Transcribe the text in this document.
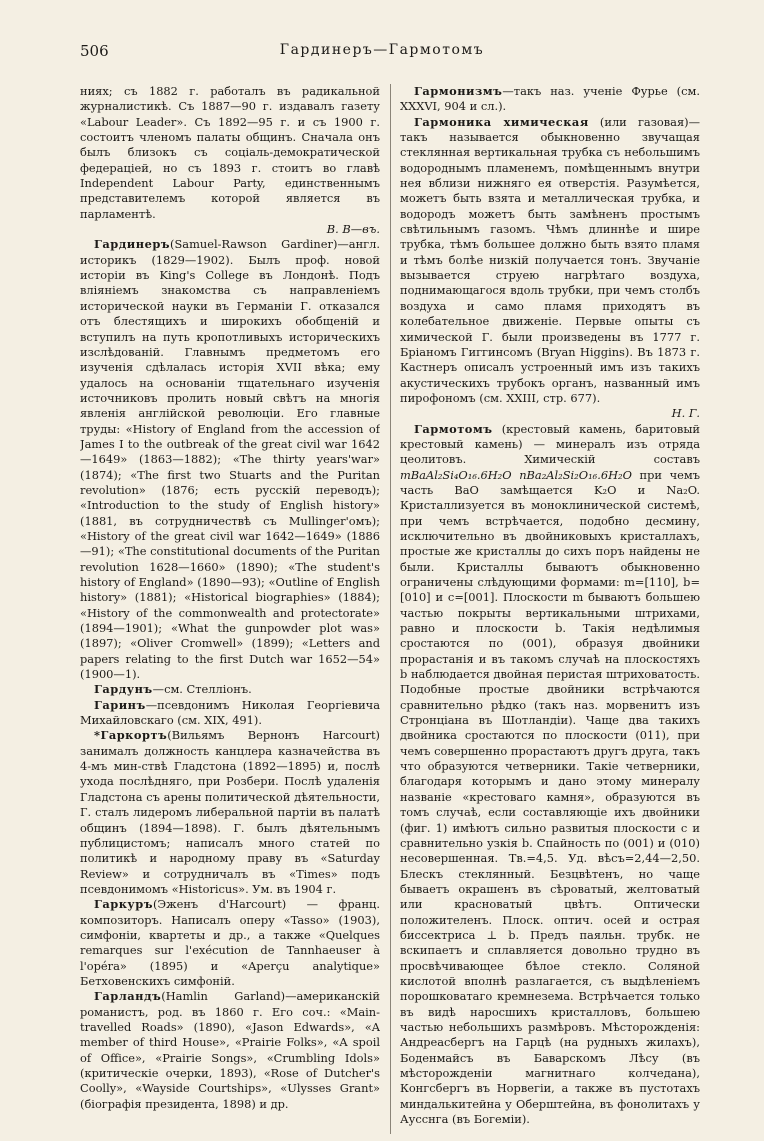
506	Гардинеръ—Гармотомъ

ниях; съ 1882 г. работалъ въ радикальной журналистикѣ. Съ 1887—90 г. издавалъ газету «Labour Leader». Съ 1892—95 г. и съ 1900 г. состоитъ членомъ палаты общинъ. Сначала онъ былъ близокъ съ соціаль-демократической федераціей, но съ 1893 г. стоитъ во главѣ Independent Labour Party, единственнымъ представителемъ которой является въ парламентѣ.

В. В—въ.

Гардинеръ(Samuel-Rawson Gardiner)—англ. историкъ (1829—1902). Былъ проф. новой исторіи въ King's College въ Лондонѣ. Подъ вліяніемъ знакомства съ направленіемъ исторической науки въ Германіи Г. отказался отъ блестящихъ и широкихъ обобщеній и вступилъ на путь кропотливыхъ историческихъ изслѣдованій. Главнымъ предметомъ его изученія сдѣлалась исторія XVII вѣка; ему удалось на основаніи тщательнаго изученія источниковъ пролить новый свѣтъ на многія явленія англійской революціи. Его главные труды: «History of England from the accession of James I to the outbreak of the great civil war 1642—1649» (1863—1882); «The thirty years'war» (1874); «The first two Stuarts and the Puritan revolution» (1876; есть русскій переводъ); «Introduction to the study of English history» (1881, въ сотрудничествѣ съ Mullinger'омъ); «History of the great civil war 1642—1649» (1886—91); «The constitutional documents of the Puritan revolution 1628—1660» (1890); «The student's history of England» (1890—93); «Outline of English history» (1881); «Historical biographies» (1884); «History of the commonwealth and protectorate» (1894—1901); «What the gunpowder plot was» (1897); «Oliver Cromwell» (1899); «Letters and papers relating to the first Dutch war 1652—54» (1900—1).

Гардунъ—см. Стелліонъ.

Гаринъ—псевдонимъ Николая Георгіевича Михайловскаго (см. XIX, 491).

*Гаркортъ(Вильямъ Вернонъ Harcourt) занималъ должность канцлера казначейства въ 4-мъ мин-ствѣ Гладстона (1892—1895) и, послѣ ухода послѣдняго, при Розбери. Послѣ удаленія Гладстона съ арены политической дѣятельности, Г. сталъ лидеромъ либеральной партіи въ палатѣ общинъ (1894—1898). Г. былъ дѣятельнымъ публицистомъ; написалъ много статей по политикѣ и народному праву въ «Saturday Review» и сотрудничалъ въ «Times» подъ псевдонимомъ «Historicus». Ум. въ 1904 г.

Гаркуръ(Эженъ d'Harcourt) — франц. композиторъ. Написалъ оперу «Tasso» (1903), симфоніи, квартеты и др., а также «Quelques remarques sur l'exécution de Tannhaeuser à l'opéra» (1895) и «Aperçu analytique» Бетховенскихъ симфоній.

Гарландъ(Hamlin Garland)—американскій романистъ, род. въ 1860 г. Его соч.: «Main-travelled Roads» (1890), «Jason Edwards», «A member of third House», «Prairie Folks», «A spoil of Office», «Prairie Songs», «Crumbling Idols» (критическіе очерки, 1893), «Rose of Dutcher's Coolly», «Wayside Courtships», «Ulysses Grant» (біографія президента, 1898) и др.

Гармонизмъ—такъ наз. ученіе Фурье (см. XXXVI, 904 и сл.).

Гармоника химическая (или газовая)—такъ называется обыкновенно звучащая стеклянная вертикальная трубка съ небольшимъ водороднымъ пламенемъ, помѣщеннымъ внутри нея вблизи нижняго ея отверстія. Разумѣется, можетъ быть взята и металлическая трубка, и водородъ можетъ быть замѣненъ простымъ свѣтильнымъ газомъ. Чѣмъ длиннѣе и шире трубка, тѣмъ большее должно быть взято пламя и тѣмъ болѣе низкій получается тонъ. Звучаніе вызывается струею нагрѣтаго воздуха, поднимающагося вдоль трубки, при чемъ столбъ воздуха и само пламя приходятъ въ колебательное движеніе. Первые опыты съ химической Г. были произведены въ 1777 г. Бріаномъ Гиггинсомъ (Bryan Higgins). Въ 1873 г. Кастнеръ описалъ устроенный имъ изъ такихъ акустическихъ трубокъ органъ, названный имъ пирофономъ (см. XXIII, стр. 677).

Н. Г.

Гармотомъ (крестовый камень, баритовый крестовый камень) — минералъ изъ отряда цеолитовъ. Химическій составъ mBaAl₂Si₄O₁₆.6H₂O nBa₂Al₂Si₂O₁₆.6H₂O при чемъ часть BaO замѣщается K₂O и Na₂O. Кристаллизуется въ моноклинической системѣ, при чемъ встрѣчается, подобно десмину, исключительно въ двойниковыхъ кристаллахъ, простые же кристаллы до сихъ поръ найдены не были. Кристаллы бываютъ обыкновенно ограничены слѣдующими формами: m=[110], b=[010] и c=[001]. Плоскости m бываютъ большею частью покрыты вертикальными штрихами, равно и плоскости b. Такія недѣлимыя сростаются по (001), образуя двойники прорастанія и въ такомъ случаѣ на плоскостяхъ b наблюдается двойная перистая штриховатость. Подобные простые двойники встрѣчаются сравнительно рѣдко (такъ наз. морвенитъ изъ Стронціана въ Шотландіи). Чаще два такихъ двойника сростаются по плоскости (011), при чемъ совершенно прорастаютъ другъ друга, такъ что образуются четверники. Такіе четверники, благодаря которымъ и дано этому минералу названіе «крестоваго камня», образуются въ томъ случаѣ, если составляющіе ихъ двойники (фиг. 1) имѣютъ сильно развитыя плоскости c и сравнительно узкія b. Спайность по (001) и (010) несовершенная. Тв.=4,5. Уд. вѣсъ=2,44—2,50. Блескъ стеклянный. Безцвѣтенъ, но чаще бываетъ окрашенъ въ сѣроватый, желтоватый или красноватый цвѣтъ. Оптически положителенъ. Плоск. оптич. осей и острая биссектриса ⊥ b. Предъ паяльн. трубк. не вскипаетъ и сплавляется довольно трудно въ просвѣчивающее бѣлое стекло. Соляной кислотой вполнѣ разлагается, съ выдѣленіемъ порошковатаго кремнезема. Встрѣчается только въ видѣ наросшихъ кристалловъ, большею частью небольшихъ размѣровъ. Мѣсторожденія: Андреасбергъ на Гарцѣ (на рудныхъ жилахъ), Боденмайсъ въ Баварскомъ Лѣсу (въ мѣсторожденіи магнитнаго колчедана), Конгсбергъ въ Норвегіи, а также въ пустотахъ миндалькитейна у Оберштейна, въ фонолитахъ у Аусснга (въ Богеміи).
